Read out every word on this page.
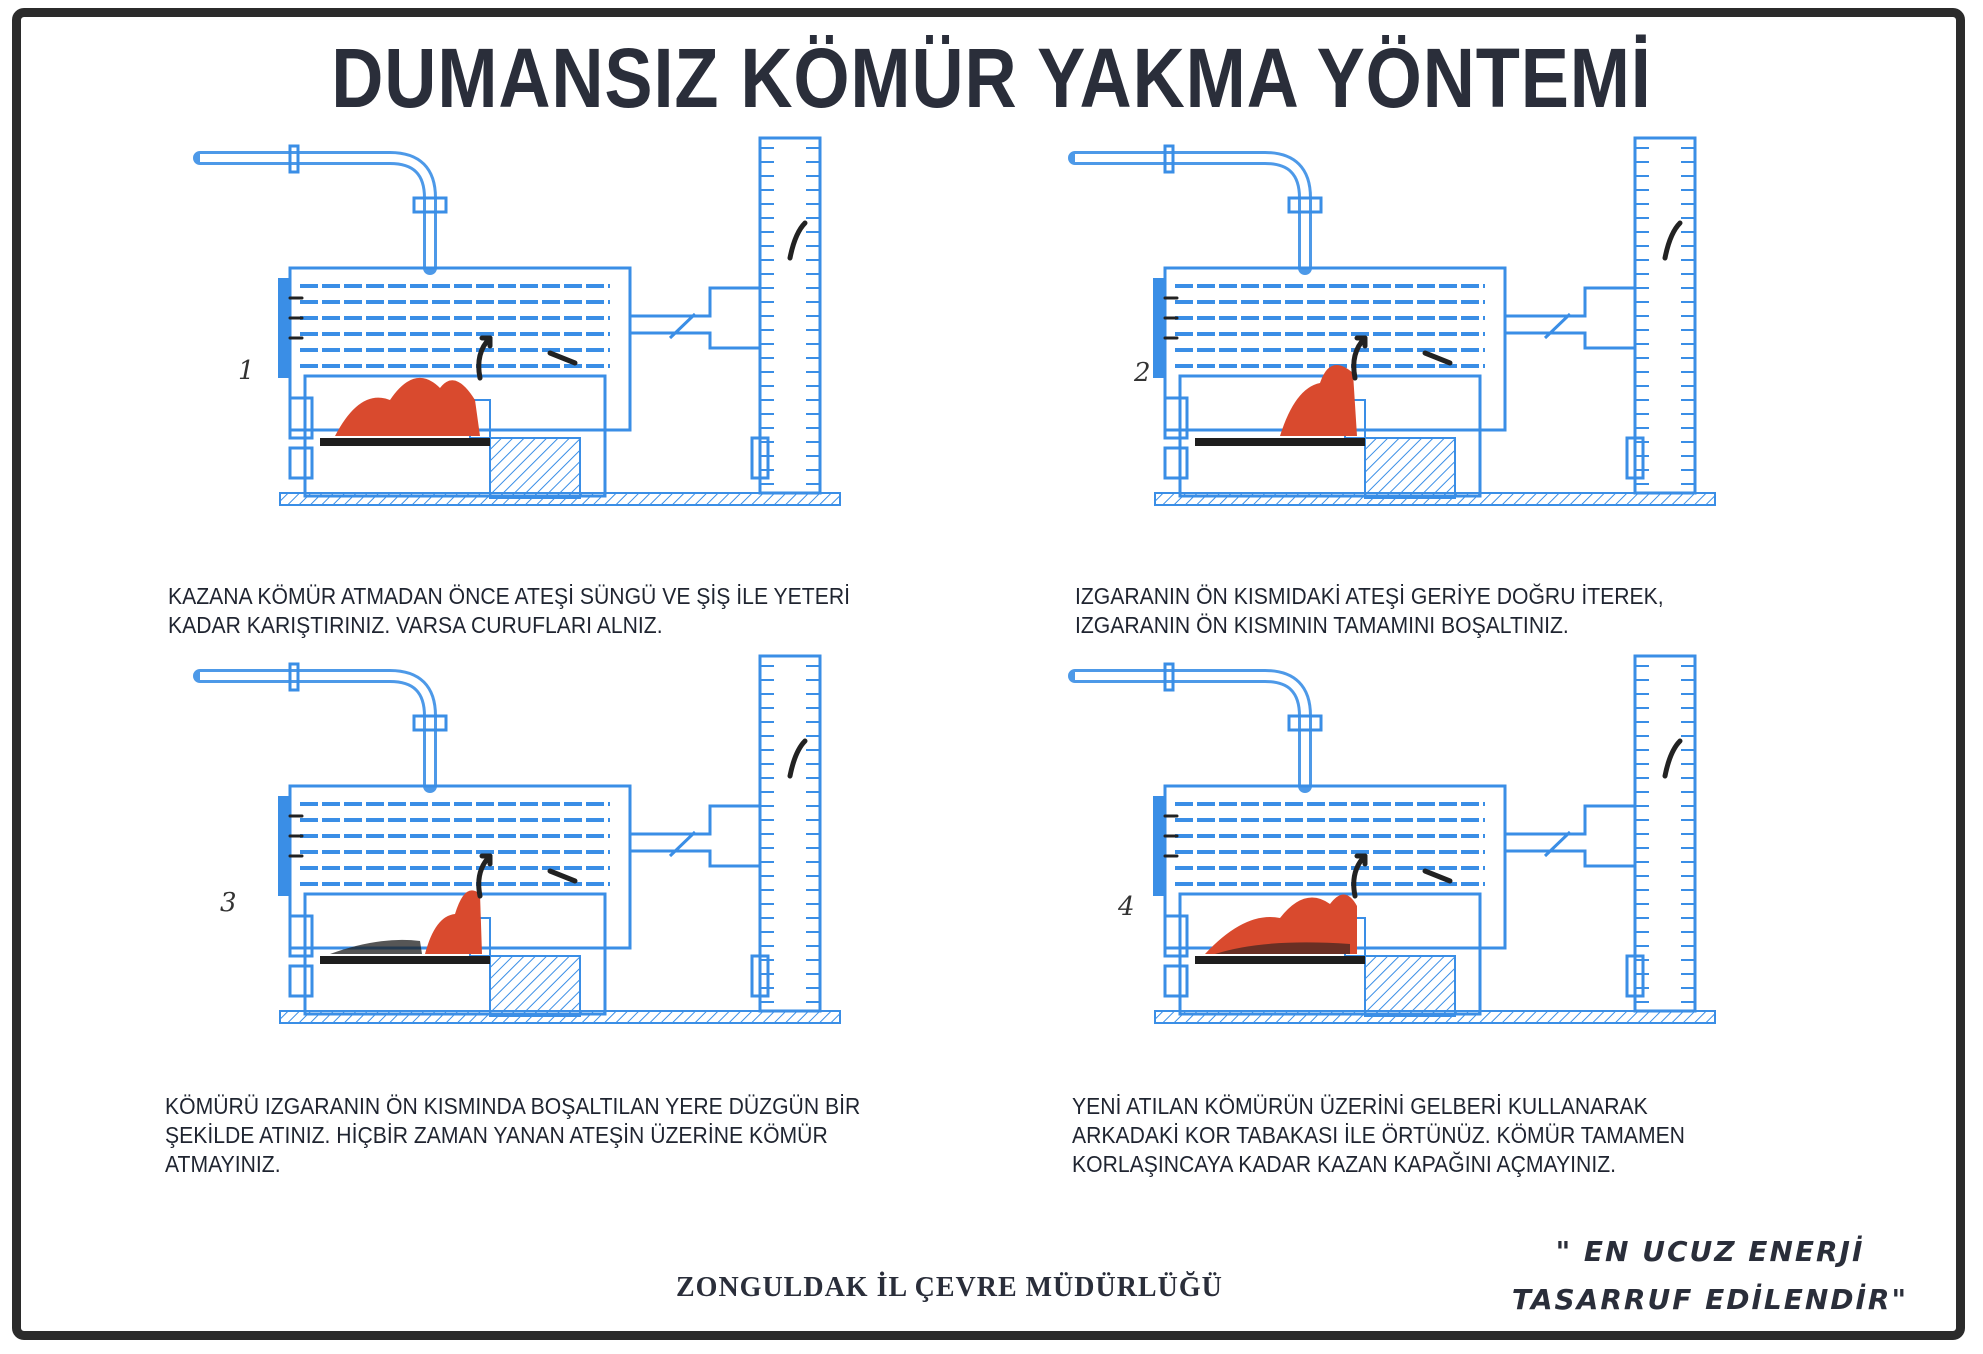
DUMANSIZ KÖMÜR YAKMA YÖNTEMİ
1	2
3	4
KAZANA KÖMÜR ATMADAN ÖNCE ATEŞİ SÜNGÜ VE ŞİŞ İLE YETERİ
KADAR KARIŞTIRINIZ. VARSA CURUFLARI ALNIZ.
IZGARANIN ÖN KISMIDAKİ ATEŞİ GERİYE DOĞRU İTEREK,
IZGARANIN ÖN KISMININ TAMAMINI BOŞALTINIZ.
KÖMÜRÜ IZGARANIN ÖN KISMINDA BOŞALTILAN YERE DÜZGÜN BİR
ŞEKİLDE ATINIZ. HİÇBİR ZAMAN YANAN ATEŞİN ÜZERİNE KÖMÜR
ATMAYINIZ.
YENİ ATILAN KÖMÜRÜN ÜZERİNİ GELBERİ KULLANARAK
ARKADAKİ KOR TABAKASI İLE ÖRTÜNÜZ. KÖMÜR TAMAMEN
KORLAŞINCAYA KADAR KAZAN KAPAĞINI AÇMAYINIZ.
ZONGULDAK İL ÇEVRE MÜDÜRLÜĞÜ
" EN UCUZ ENERJİ
TASARRUF EDİLENDİR"
